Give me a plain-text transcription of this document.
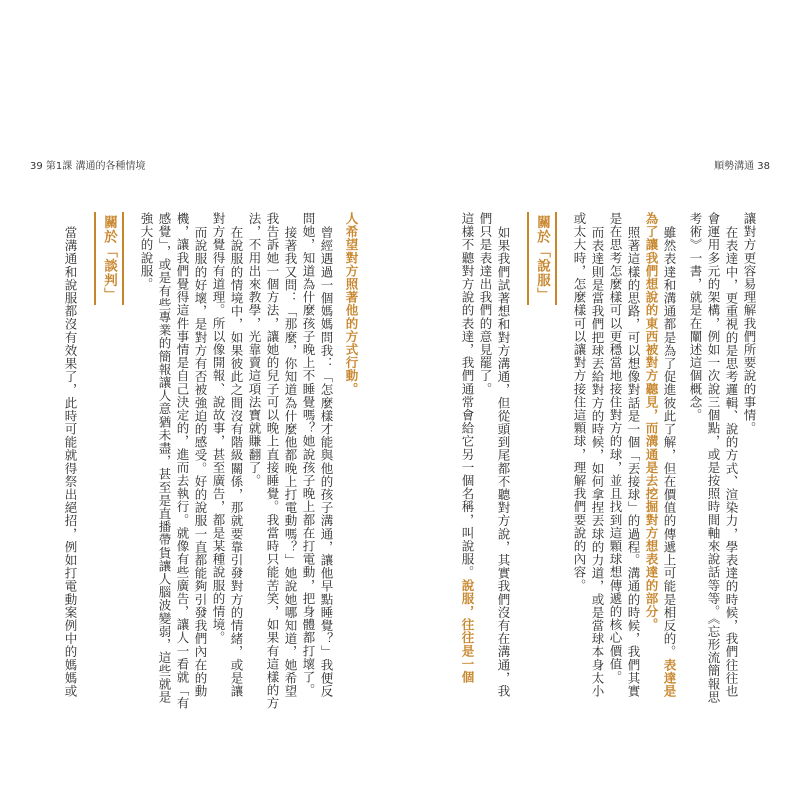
39 第1課 溝通的各種情境	順勢溝通 38
讓對方更容易理解我們所要說的事情。
在表達中，更重視的是思考邏輯、說的方式、渲染力，學表達的時候，我們往往也
會運用多元的架構，例如一次說三個點，或是按照時間軸來說話等等。《忘形流簡報思
考術》一書，就是在闡述這個概念。
雖然表達和溝通都是為了促進彼此了解，但在價值的傳遞上可能是相反的。表達是
為了讓我們想說的東西被對方聽見，而溝通是去挖掘對方想表達的部分。
照著這樣的思路，可以想像對話是一個「丟接球」的過程。溝通的時候，我們其實
是在思考怎麼樣可以更穩當地接住對方的球，並且找到這顆球想傳遞的核心價值。
而表達則是當我們把球丟給對方的時候，如何拿捏丟球的力道，或是當球本身太小
或太大時，怎麼樣可以讓對方接住這顆球，理解我們要說的內容。
關於「說服」
如果我們試著想和對方溝通，但從頭到尾都不聽對方說，其實我們沒有在溝通，我
們只是表達出我們的意見罷了。
這樣不聽對方說的表達，我們通常會給它另一個名稱，叫說服。說服，往往是一個
人希望對方照著他的方式行動。
曾經遇過一個媽媽問我：「怎麼樣才能與他的孩子溝通，讓他早點睡覺？」我便反
問她，知道為什麼孩子晚上不睡覺嗎？她說孩子晚上都在打電動，把身體都打壞了。
接著我又問：「那麼，你知道為什麼他都晚上打電動嗎？」她說她哪知道，她希望
我告訴她一個方法，讓她的兒子可以晚上直接睡覺。我當時只能苦笑，如果有這樣的方
法，不用出來教學，光靠賣這項法寶就賺翻了。
在說服的情境中，如果彼此之間沒有階級關係，那就要靠引發對方的情緒，或是讓
對方覺得有道理。所以像開報、說故事，甚至廣告，都是某種說服的情境。
而說服的好壞，是對方有否被強迫的感受。好的說服一直都能夠引發我們內在的動
機，讓我們覺得這件事情是自己決定的，進而去執行。就像有些廣告，讓人一看就「有
感覺」，或是有些專業的簡報讓人意猶未盡，甚至是直播帶貨讓人腦波變弱，這些就是
強大的說服。
關於「談判」
當溝通和說服都沒有效果了，此時可能就得祭出絕招，例如打電動案例中的媽媽或
